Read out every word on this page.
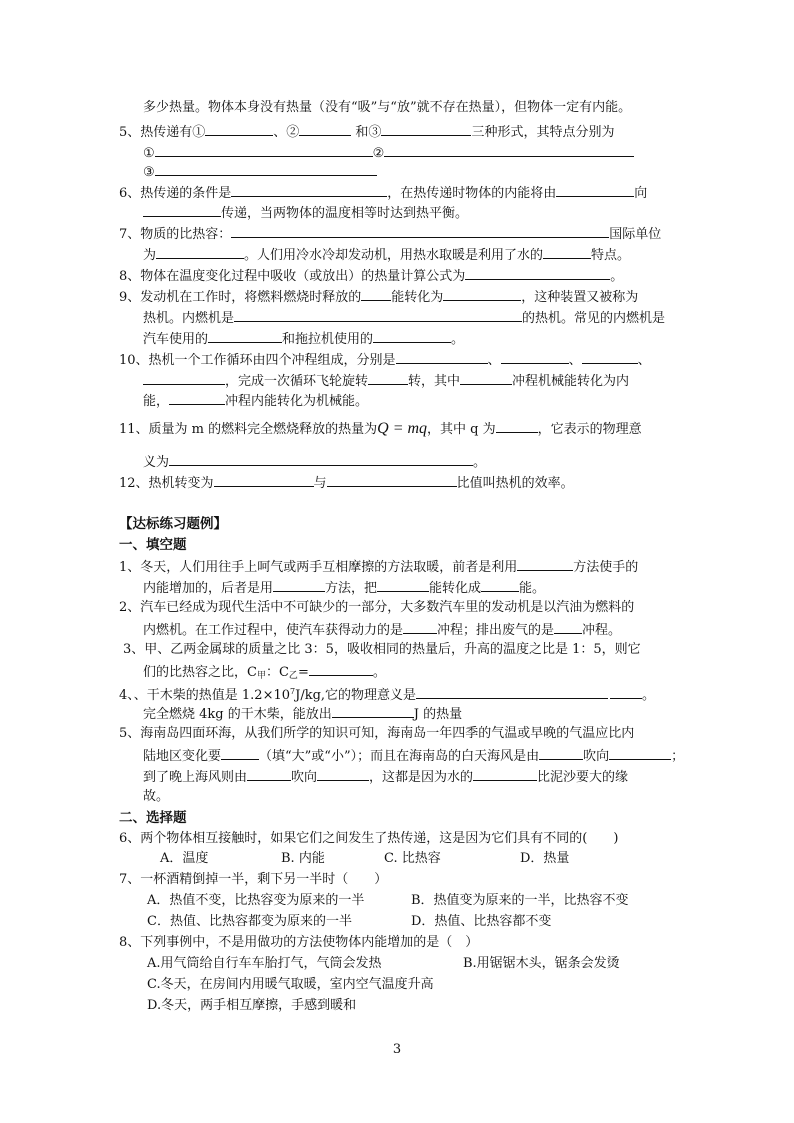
多少热量。物体本身没有热量（没有“吸”与“放”就不存在热量），但物体一定有内能。
5、热传递有①	、②	和③	三种形式，其特点分别为
①	②
③
6、热传递的条件是	，在热传递时物体的内能将由	向
传递，当两物体的温度相等时达到热平衡。
7、物质的比热容：	国际单位
为	。人们用冷水冷却发动机，用热水取暖是利用了水的	特点。
8、物体在温度变化过程中吸收（或放出）的热量计算公式为	。
9、发动机在工作时，将燃料燃烧时释放的 能转化为	，这种装置又被称为
热机。内燃机是	的热机。常见的内燃机是
汽车使用的	和拖拉机使用的	。
10、热机一个工作循环由四个冲程组成，分别是	、	、	、
，完成一次循环飞轮旋转	转，其中	冲程机械能转化为内
能，	冲程内能转化为机械能。
11、质量为 m 的燃料完全燃烧释放的热量为Q = mq，其中 q 为	，它表示的物理意
义为	。
12、热机转变为	与	比值叫热机的效率。
【达标练习题例】
一、填空题
1、冬天，人们用往手上呵气或两手互相摩擦的方法取暖，前者是利用	方法使手的
内能增加的，后者是用	方法，把	能转化成	能。
2、汽车已经成为现代生活中不可缺少的一部分，大多数汽车里的发动机是以汽油为燃料的
内燃机。在工作过程中，使汽车获得动力的是	冲程；排出废气的是 冲程。
3、甲、乙两金属球的质量之比 3：5，吸收相同的热量后，升高的温度之比是 1：5，则它
们的比热容之比，$C_甲$：$C_乙=$	。
4、、干木柴的热值是 $1.2\times 10^7J/kg$,它的物理意义是	。
完全燃烧 4kg 的干木柴，能放出	J 的热量
5、海南岛四面环海，从我们所学的知识可知，海南岛一年四季的气温或早晚的气温应比内
陆地区变化要	（填“大”或“小”）；而且在海南岛的白天海风是由	吹向	；
到了晚上海风则由	吹向	，这都是因为水的	比泥沙要大的缘
故。
二、选择题
6、两个物体相互接触时，如果它们之间发生了热传递，这是因为它们具有不同的(　　)
A．温度	B. 内能	C. 比热容	D．热量
7、一杯酒精倒掉一半，剩下另一半时（　　）
A．热值不变，比热容变为原来的一半	B．热值变为原来的一半，比热容不变
C．热值、比热容都变为原来的一半	D．热值、比热容都不变
8、下列事例中，不是用做功的方法使物体内能增加的是（　）
A.用气筒给自行车车胎打气，气筒会发热	B.用锯锯木头，锯条会发烫
C.冬天，在房间内用暖气取暖，室内空气温度升高
D.冬天，两手相互摩擦，手感到暖和
3
